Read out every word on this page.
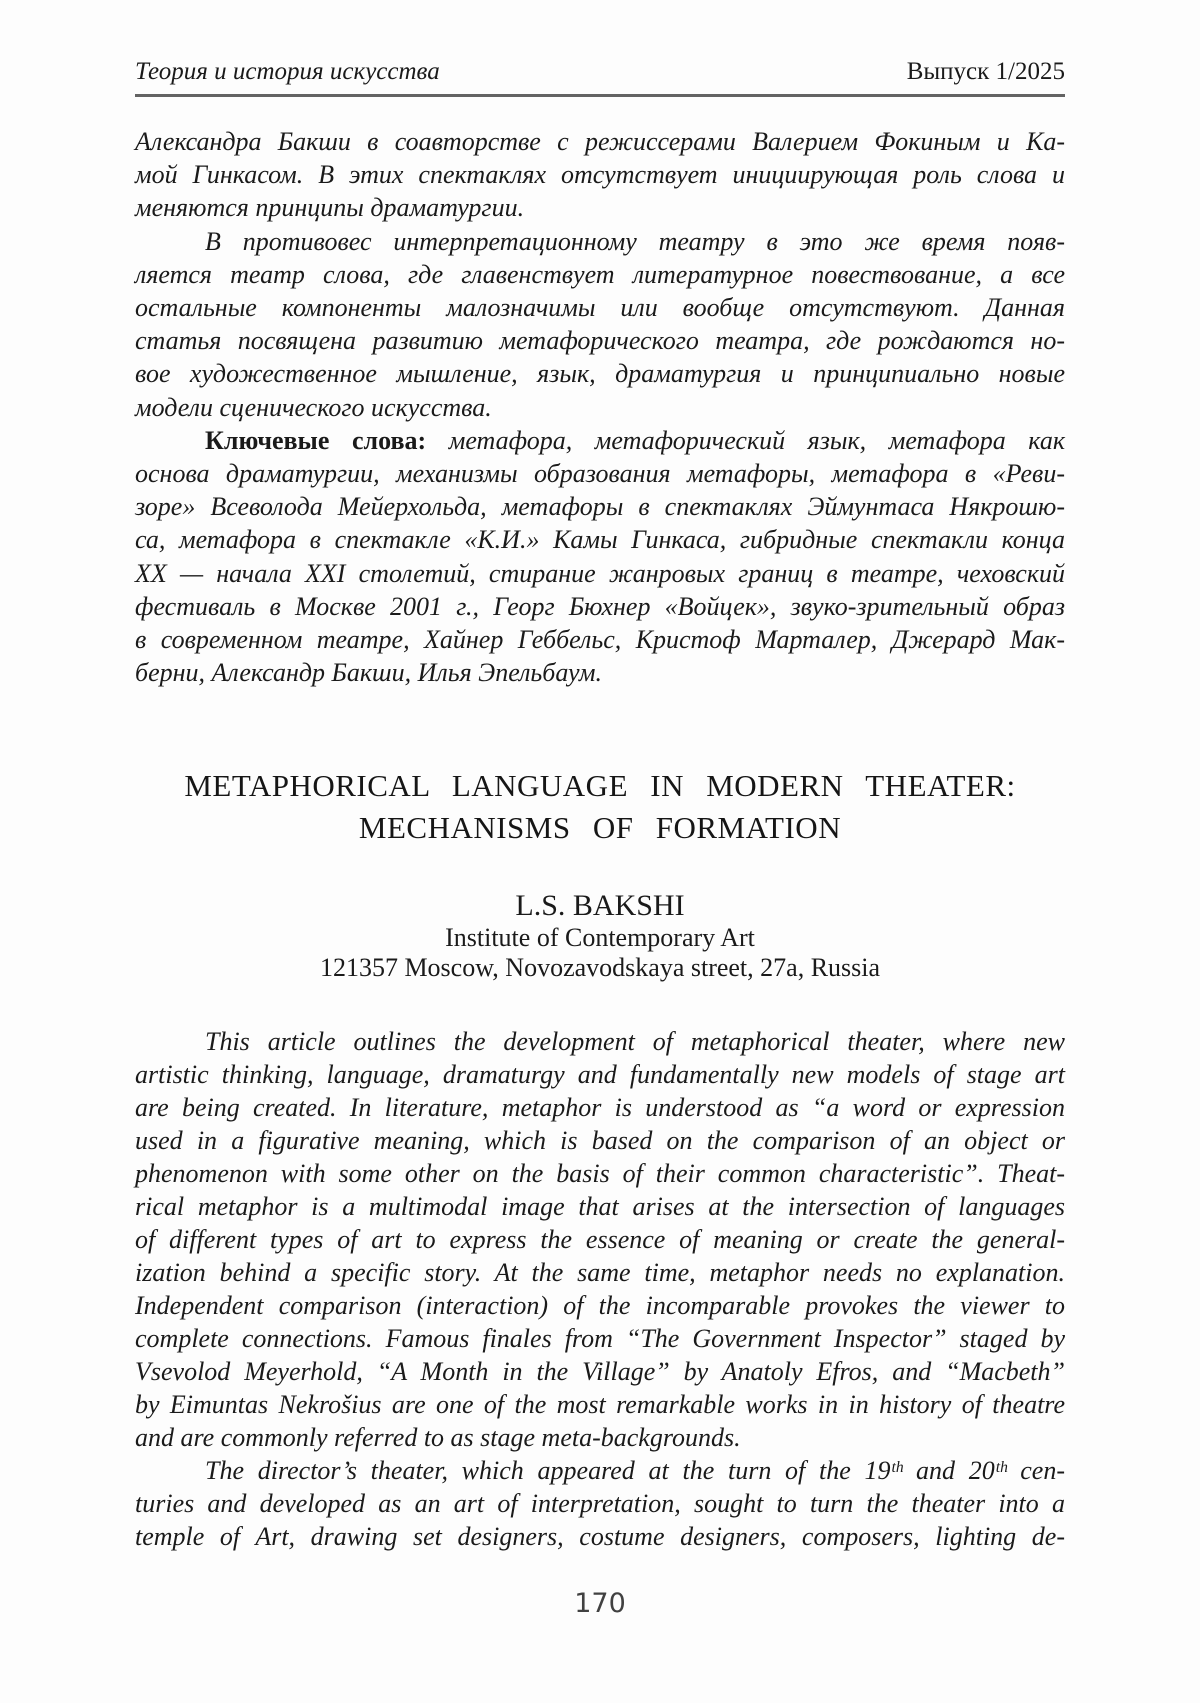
Теория и история искусства	Выпуск 1/2025
Александра Бакши в соавторстве с режиссерами Валерием Фокиным и Ка-
мой Гинкасом. В этих спектаклях отсутствует инициирующая роль слова и
меняются принципы драматургии.
В противовес интерпретационному театру в это же время появ-
ляется театр слова, где главенствует литературное повествование, а все
остальные компоненты малозначимы или вообще отсутствуют. Данная
статья посвящена развитию метафорического театра, где рождаются но-
вое художественное мышление, язык, драматургия и принципиально новые
модели сценического искусства.
Ключевые слова: метафора, метафорический язык, метафора как
основа драматургии, механизмы образования метафоры, метафора в «Реви-
зоре» Всеволода Мейерхольда, метафоры в спектаклях Эймунтаса Някрошю-
са, метафора в спектакле «К.И.» Камы Гинкаса, гибридные спектакли конца
ХХ — начала XXI столетий, стирание жанровых границ в театре, чеховский
фестиваль в Москве 2001 г., Георг Бюхнер «Войцек», звуко-зрительный образ
в современном театре, Хайнер Геббельс, Кристоф Марталер, Джерард Мак-
берни, Александр Бакши, Илья Эпельбаум.
METAPHORICAL LANGUAGE IN MODERN THEATER:
MECHANISMS OF FORMATION
L.S. BAKSHI
Institute of Contemporary Art
121357 Moscow, Novozavodskaya street, 27a, Russia
This article outlines the development of metaphorical theater, where new
artistic thinking, language, dramaturgy and fundamentally new models of stage art
are being created. In literature, metaphor is understood as “a word or expression
used in a figurative meaning, which is based on the comparison of an object or
phenomenon with some other on the basis of their common characteristic”. Theat-
rical metaphor is a multimodal image that arises at the intersection of languages
of different types of art to express the essence of meaning or create the general-
ization behind a specific story. At the same time, metaphor needs no explanation.
Independent comparison (interaction) of the incomparable provokes the viewer to
complete connections. Famous finales from “The Government Inspector” staged by
Vsevolod Meyerhold, “A Month in the Village” by Anatoly Efros, and “Macbeth”
by Eimuntas Nekrošius are one of the most remarkable works in in history of theatre
and are commonly referred to as stage meta-backgrounds.
The director’s theater, which appeared at the turn of the 19ᵗʰ and 20ᵗʰ cen-
turies and developed as an art of interpretation, sought to turn the theater into a
temple of Art, drawing set designers, costume designers, composers, lighting de-
170
